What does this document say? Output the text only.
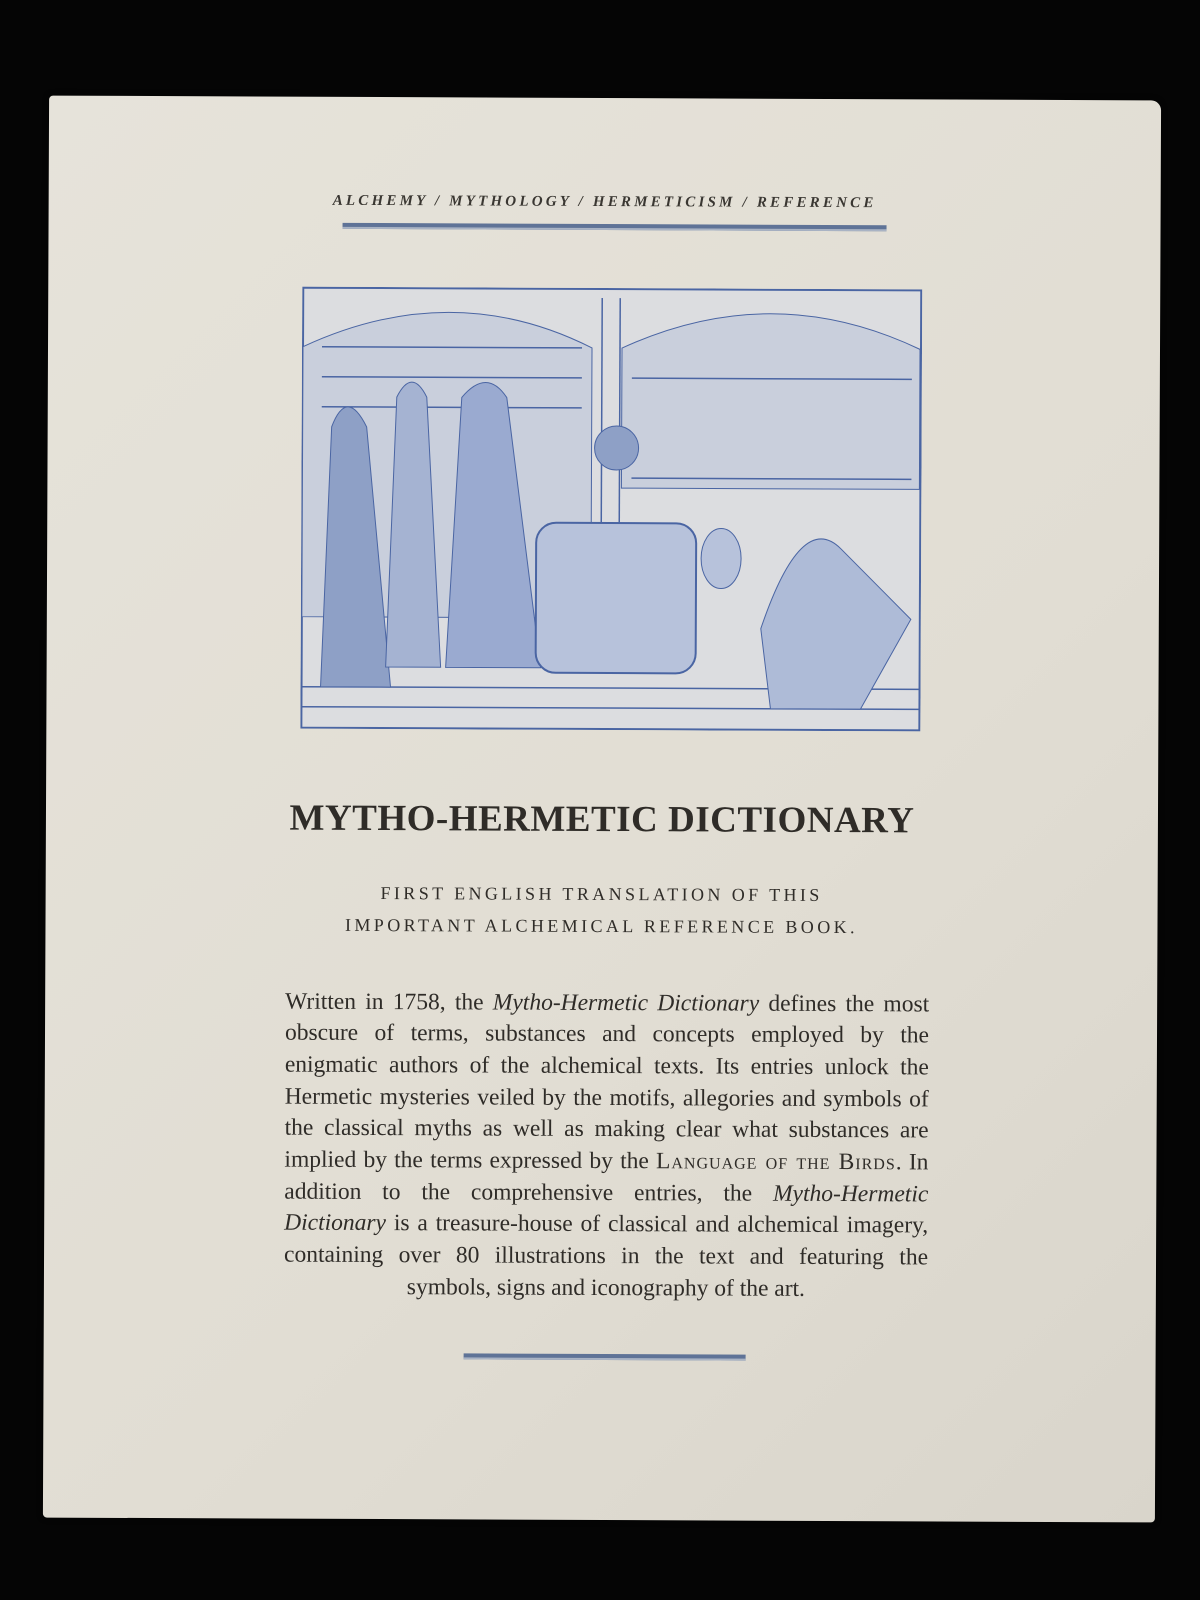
ALCHEMY / MYTHOLOGY / HERMETICISM / REFERENCE
MYTHO-HERMETIC DICTIONARY
FIRST ENGLISH TRANSLATION OF THIS
IMPORTANT ALCHEMICAL REFERENCE BOOK.

Written in 1758, the Mytho-Hermetic Dictionary defines the most obscure of terms, substances and concepts employed by the enigmatic authors of the alchemical texts. Its entries unlock the Hermetic mysteries veiled by the motifs, allegories and symbols of the classical myths as well as making clear what substances are implied by the terms expressed by the Language of the Birds. In addition to the comprehensive entries, the Mytho-Hermetic Dictionary is a treasure-house of classical and alchemical imagery, containing over 80 illustrations in the text and featuring the symbols, signs and iconography of the art.
